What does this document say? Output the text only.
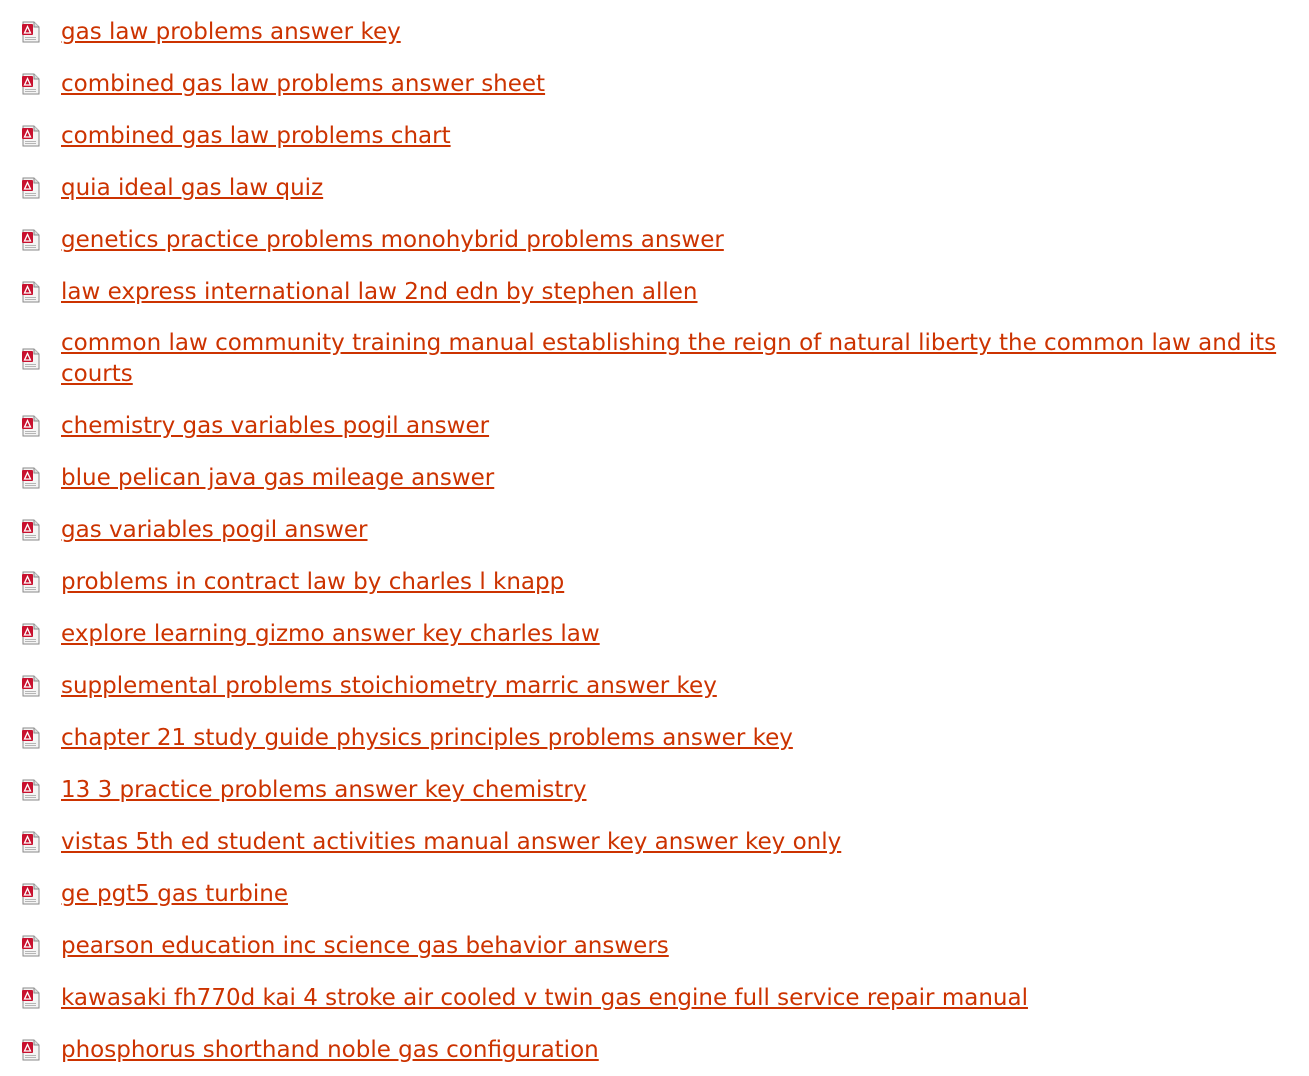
gas law problems answer key
combined gas law problems answer sheet
combined gas law problems chart
quia ideal gas law quiz
genetics practice problems monohybrid problems answer
law express international law 2nd edn by stephen allen
common law community training manual establishing the reign of natural liberty the common law and its courts
chemistry gas variables pogil answer
blue pelican java gas mileage answer
gas variables pogil answer
problems in contract law by charles l knapp
explore learning gizmo answer key charles law
supplemental problems stoichiometry marric answer key
chapter 21 study guide physics principles problems answer key
13 3 practice problems answer key chemistry
vistas 5th ed student activities manual answer key answer key only
ge pgt5 gas turbine
pearson education inc science gas behavior answers
kawasaki fh770d kai 4 stroke air cooled v twin gas engine full service repair manual
phosphorus shorthand noble gas configuration
